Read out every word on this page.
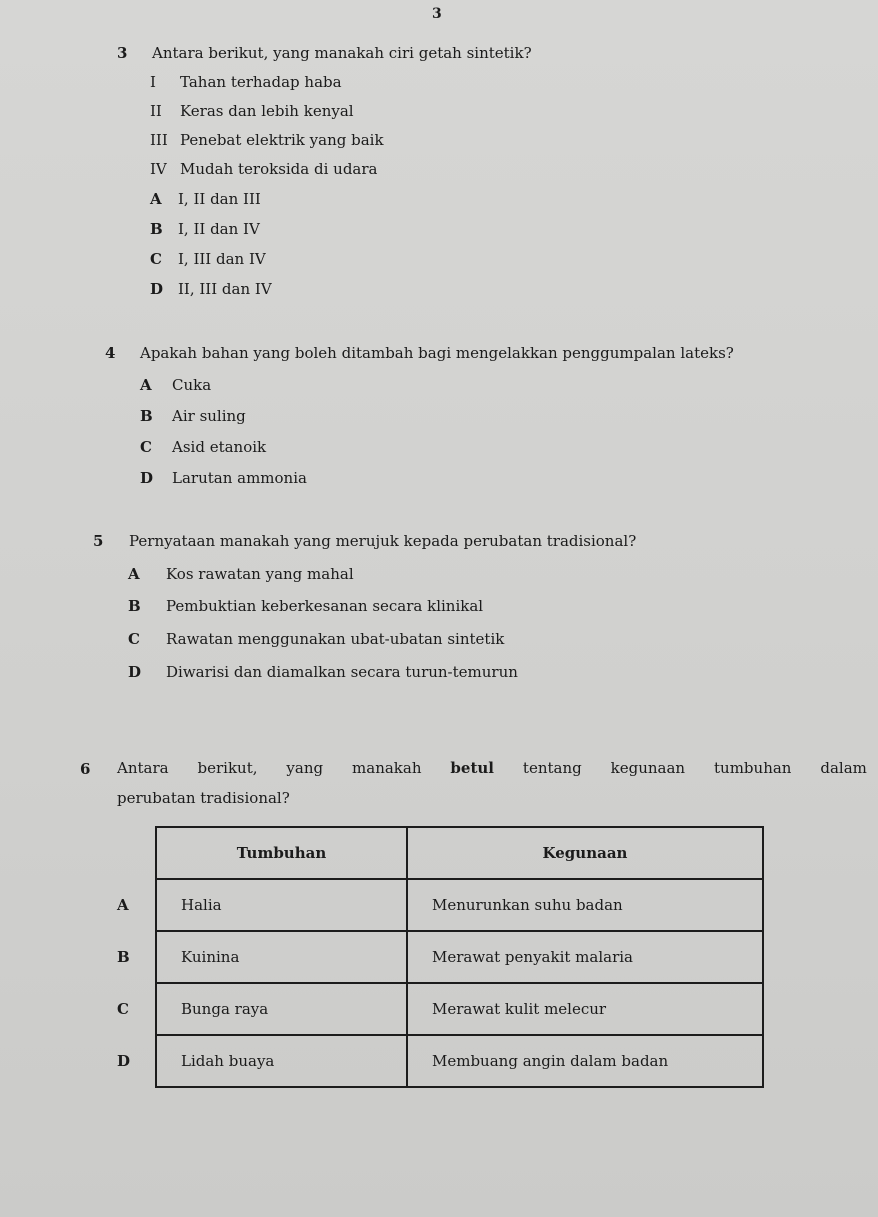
3
3	Antara berikut, yang manakah ciri getah sintetik?
I	Tahan terhadap haba
II	Keras dan lebih kenyal
III Penebat elektrik yang baik
IV Mudah teroksida di udara
A	I, II dan III
B	I, II dan IV
C	I, III dan IV
D II, III dan IV
4	Apakah bahan yang boleh ditambah bagi mengelakkan penggumpalan lateks?
A	Cuka
B	Air suling
C	Asid etanoik
D	Larutan ammonia
5	Pernyataan manakah yang merujuk kepada perubatan tradisional?
A	Kos rawatan yang mahal
B	Pembuktian keberkesanan secara klinikal
C	Rawatan menggunakan ubat-ubatan sintetik
D	Diwarisi dan diamalkan secara turun-temurun
6 Antara berikut, yang manakah betul tentang kegunaan tumbuhan dalam
perubatan tradisional?
	Tumbuhan	Kegunaan
A	Halia	Menurunkan suhu badan
B	Kuinina	Merawat penyakit malaria
C	Bunga raya	Merawat kulit melecur
D	Lidah buaya	Membuang angin dalam badan
